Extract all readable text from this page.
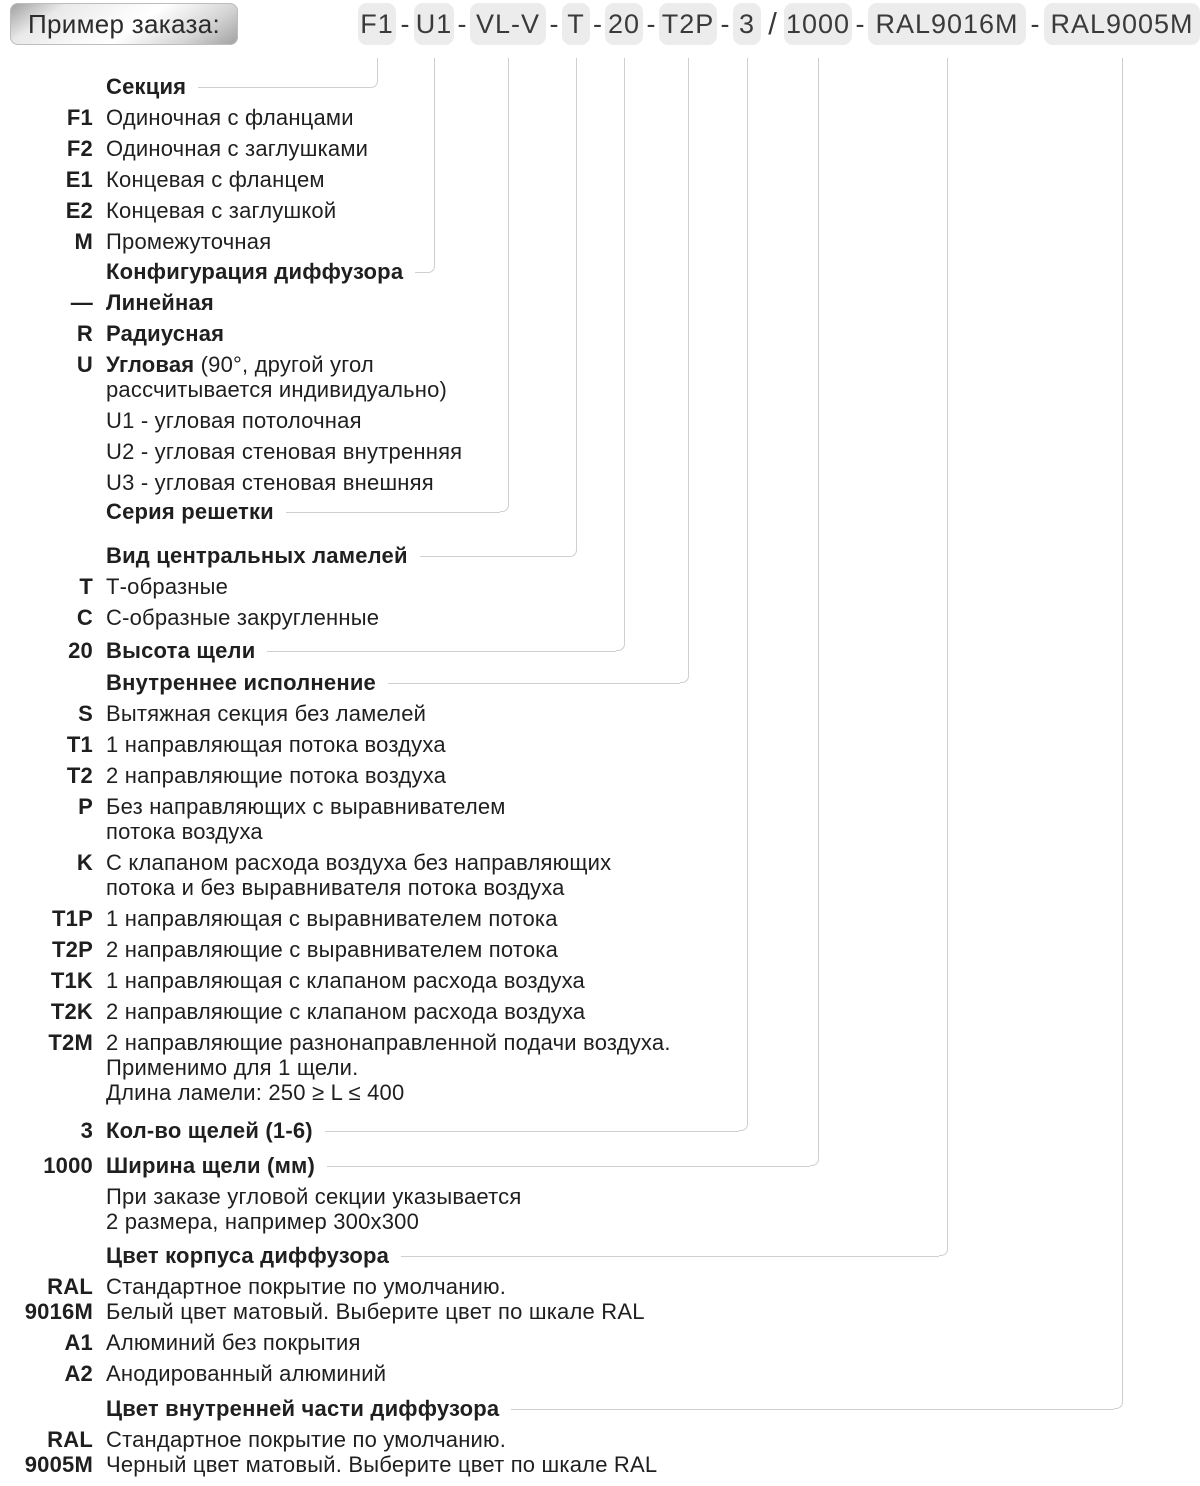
Пример заказа:	F1 - U1 - VL-V - T - 20 - T2P - 3 / 1000 - RAL9016M - RAL9005M
Секция
F1 Одиночная с фланцами
F2 Одиночная с заглушками
E1 Концевая с фланцем
E2 Концевая с заглушкой
M Промежуточная
Конфигурация диффузора
— Линейная
R Радиусная
U Угловая (90°, другой угол
рассчитывается индивидуально)
U1 - угловая потолочная
U2 - угловая стеновая внутренняя
U3 - угловая стеновая внешняя
Серия решетки
Вид центральных ламелей
T Т-образные
C С-образные закругленные
20 Высота щели
Внутреннее исполнение
S Вытяжная секция без ламелей
T1 1 направляющая потока воздуха
T2 2 направляющие потока воздуха
P Без направляющих с выравнивателем
потока воздуха
K С клапаном расхода воздуха без направляющих
потока и без выравнивателя потока воздуха
T1P 1 направляющая с выравнивателем потока
T2P 2 направляющие с выравнивателем потока
T1K 1 направляющая с клапаном расхода воздуха
T2K 2 направляющие с клапаном расхода воздуха
T2M 2 направляющие разнонаправленной подачи воздуха.
Применимо для 1 щели.
Длина ламели: 250 ≥ L ≤ 400
3 Кол-во щелей (1-6)
1000 Ширина щели (мм)
При заказе угловой секции указывается
2 размера, например 300x300
Цвет корпуса диффузора
RAL
9016M
Стандартное покрытие по умолчанию.
Белый цвет матовый. Выберите цвет по шкале RAL
A1 Алюминий без покрытия
A2 Анодированный алюминий
Цвет внутренней части диффузора
RAL
9005M
Стандартное покрытие по умолчанию.
Черный цвет матовый. Выберите цвет по шкале RAL
